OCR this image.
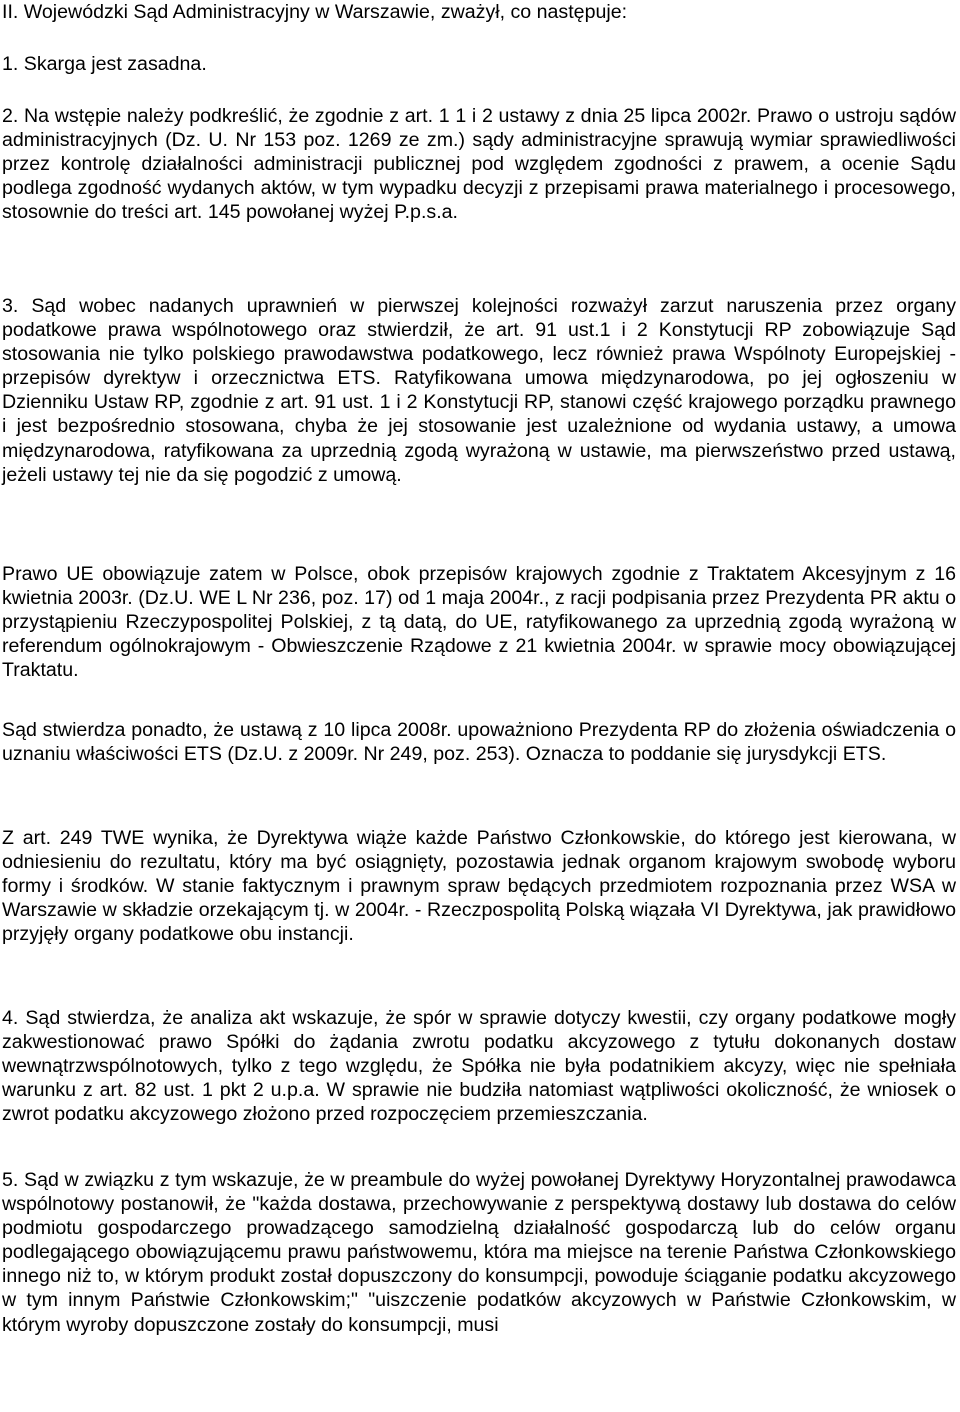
II. Wojewódzki Sąd Administracyjny w Warszawie, zważył, co następuje:

1. Skarga jest zasadna.

2. Na wstępie należy podkreślić, że zgodnie z art. 1 1 i 2 ustawy z dnia 25 lipca 2002r. Prawo o ustroju sądów administracyjnych (Dz. U. Nr 153 poz. 1269 ze zm.) sądy administracyjne sprawują wymiar sprawiedliwości przez kontrolę działalności administracji publicznej pod względem zgodności z prawem, a ocenie Sądu podlega zgodność wydanych aktów, w tym wypadku decyzji z przepisami prawa materialnego i procesowego, stosownie do treści art. 145 powołanej wyżej P.p.s.a.

3. Sąd wobec nadanych uprawnień w pierwszej kolejności rozważył zarzut naruszenia przez organy podatkowe prawa wspólnotowego oraz stwierdził, że art. 91 ust.1 i 2 Konstytucji RP zobowiązuje Sąd stosowania nie tylko polskiego prawodawstwa podatkowego, lecz również prawa Wspólnoty Europejskiej - przepisów dyrektyw i orzecznictwa ETS. Ratyfikowana umowa międzynarodowa, po jej ogłoszeniu w Dzienniku Ustaw RP, zgodnie z art. 91 ust. 1 i 2 Konstytucji RP, stanowi część krajowego porządku prawnego i jest bezpośrednio stosowana, chyba że jej stosowanie jest uzależnione od wydania ustawy, a umowa międzynarodowa, ratyfikowana za uprzednią zgodą wyrażoną w ustawie, ma pierwszeństwo przed ustawą, jeżeli ustawy tej nie da się pogodzić z umową.

Prawo UE obowiązuje zatem w Polsce, obok przepisów krajowych zgodnie z Traktatem Akcesyjnym z 16 kwietnia 2003r. (Dz.U. WE L Nr 236, poz. 17) od 1 maja 2004r., z racji podpisania przez Prezydenta PR aktu o przystąpieniu Rzeczypospolitej Polskiej, z tą datą, do UE, ratyfikowanego za uprzednią zgodą wyrażoną w referendum ogólnokrajowym - Obwieszczenie Rządowe z 21 kwietnia 2004r. w sprawie mocy obowiązującej Traktatu.

Sąd stwierdza ponadto, że ustawą z 10 lipca 2008r. upoważniono Prezydenta RP do złożenia oświadczenia o uznaniu właściwości ETS (Dz.U. z 2009r. Nr 249, poz. 253). Oznacza to poddanie się jurysdykcji ETS.

Z art. 249 TWE wynika, że Dyrektywa wiąże każde Państwo Członkowskie, do którego jest kierowana, w odniesieniu do rezultatu, który ma być osiągnięty, pozostawia jednak organom krajowym swobodę wyboru formy i środków. W stanie faktycznym i prawnym spraw będących przedmiotem rozpoznania przez WSA w Warszawie w składzie orzekającym tj. w 2004r. - Rzeczpospolitą Polską wiązała VI Dyrektywa, jak prawidłowo przyjęły organy podatkowe obu instancji.

4. Sąd stwierdza, że analiza akt wskazuje, że spór w sprawie dotyczy kwestii, czy organy podatkowe mogły zakwestionować prawo Spółki do żądania zwrotu podatku akcyzowego z tytułu dokonanych dostaw wewnątrzwspólnotowych, tylko z tego względu, że Spółka nie była podatnikiem akcyzy, więc nie spełniała warunku z art. 82 ust. 1 pkt 2 u.p.a. W sprawie nie budziła natomiast wątpliwości okoliczność, że wniosek o zwrot podatku akcyzowego złożono przed rozpoczęciem przemieszczania.

5. Sąd w związku z tym wskazuje, że w preambule do wyżej powołanej Dyrektywy Horyzontalnej prawodawca wspólnotowy postanowił, że "każda dostawa, przechowywanie z perspektywą dostawy lub dostawa do celów podmiotu gospodarczego prowadzącego samodzielną działalność gospodarczą lub do celów organu podlegającego obowiązującemu prawu państwowemu, która ma miejsce na terenie Państwa Członkowskiego innego niż to, w którym produkt został dopuszczony do konsumpcji, powoduje ściąganie podatku akcyzowego w tym innym Państwie Członkowskim;" "uiszczenie podatków akcyzowych w Państwie Członkowskim, w którym wyroby dopuszczone zostały do konsumpcji, musi
